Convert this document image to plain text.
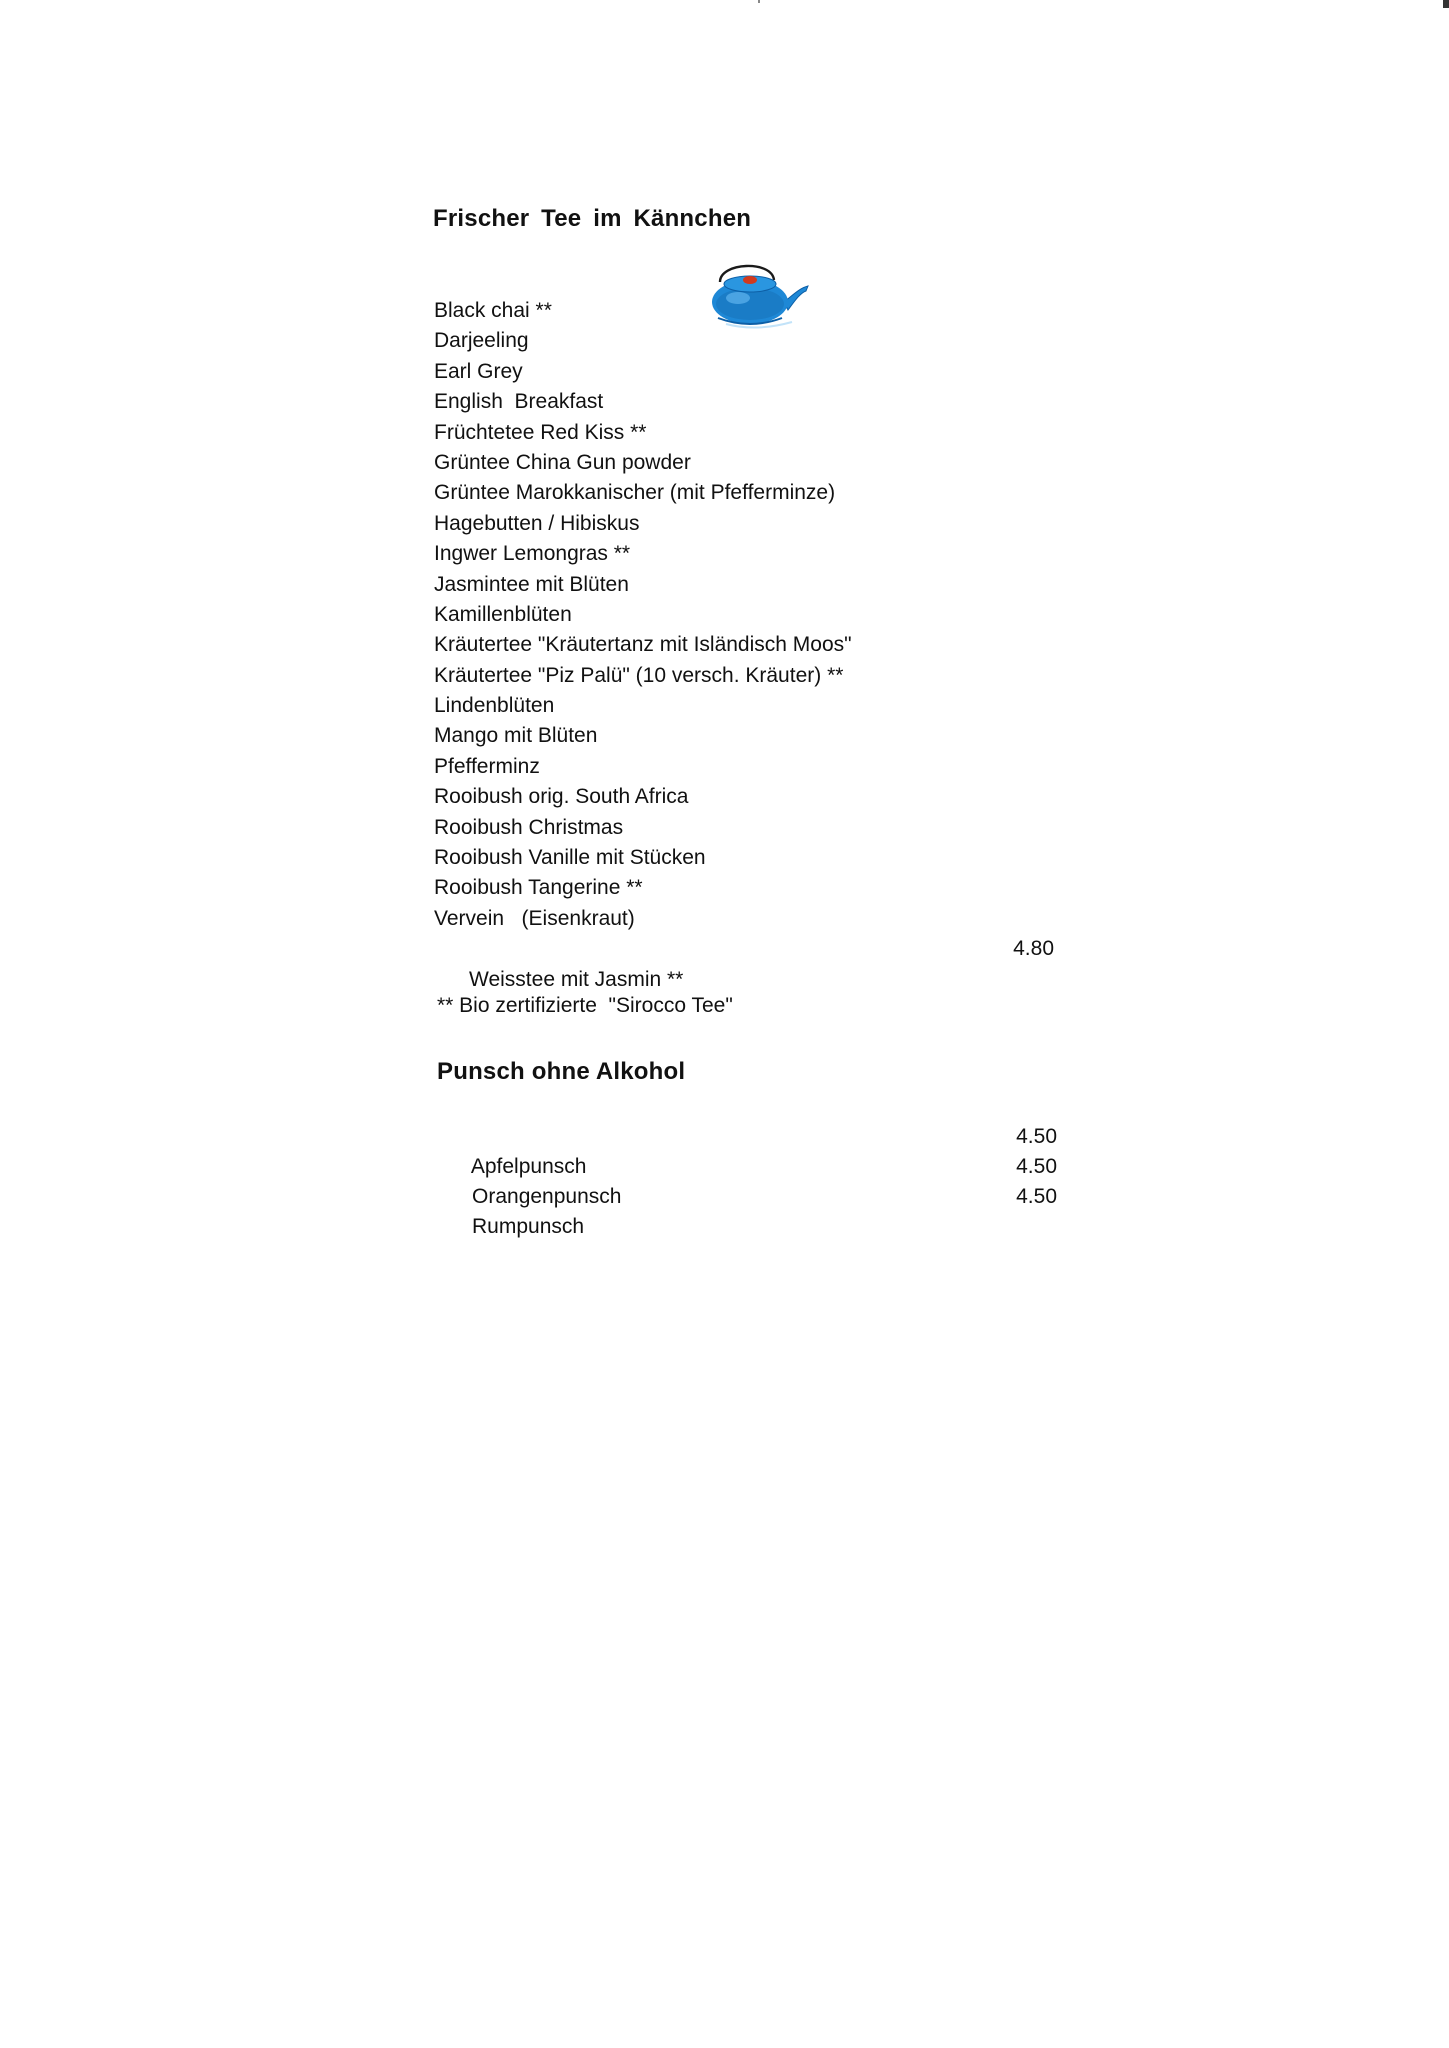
Frischer Tee im Kännchen
Black chai **
Darjeeling
Earl Grey
English  Breakfast
Früchtetee Red Kiss **
Grüntee China Gun powder
Grüntee Marokkanischer (mit Pfefferminze)
Hagebutten / Hibiskus
Ingwer Lemongras **
Jasmintee mit Blüten
Kamillenblüten
Kräutertee "Kräutertanz mit Isländisch Moos"
Kräutertee "Piz Palü" (10 versch. Kräuter) **
Lindenblüten
Mango mit Blüten
Pfefferminz
Rooibush orig. South Africa
Rooibush Christmas
Rooibush Vanille mit Stücken
Rooibush Tangerine **
Vervein   (Eisenkraut)

Weisstee mit Jasmin **

4.80

** Bio zertifizierte  "Sirocco Tee"
Punsch ohne Alkohol

Apfelpunsch

4.50

Orangenpunsch

4.50

Rumpunsch

4.50
